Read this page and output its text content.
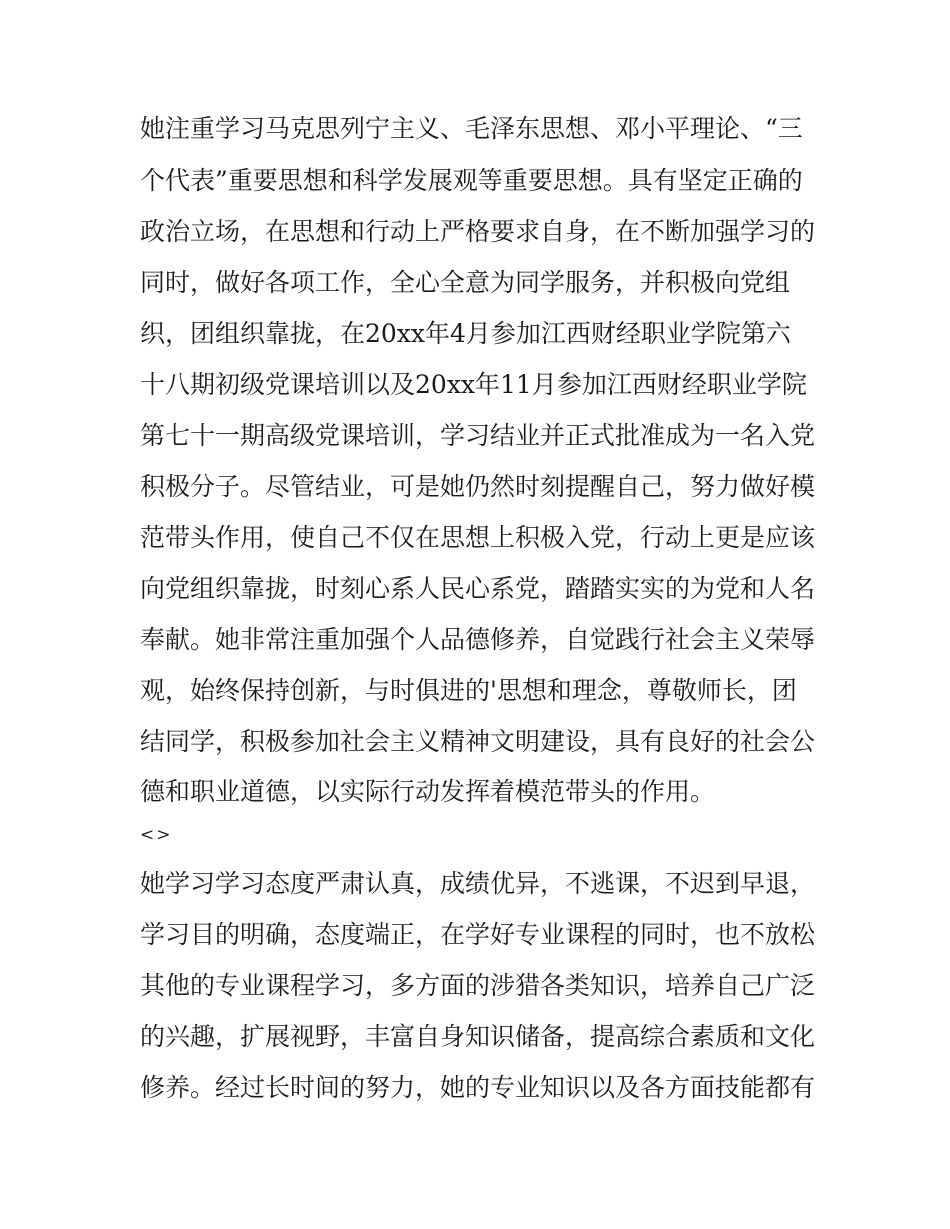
她注重学习马克思列宁主义、毛泽东思想、邓小平理论、“三
个代表”重要思想和科学发展观等重要思想。具有坚定正确的
政治立场，在思想和行动上严格要求自身，在不断加强学习的
同时，做好各项工作，全心全意为同学服务，并积极向党组
织，团组织靠拢，在20xx年4月参加江西财经职业学院第六
十八期初级党课培训以及20xx年11月参加江西财经职业学院
第七十一期高级党课培训，学习结业并正式批准成为一名入党
积极分子。尽管结业，可是她仍然时刻提醒自己，努力做好模
范带头作用，使自己不仅在思想上积极入党，行动上更是应该
向党组织靠拢，时刻心系人民心系党，踏踏实实的为党和人名
奉献。她非常注重加强个人品德修养，自觉践行社会主义荣辱
观，始终保持创新，与时俱进的'思想和理念，尊敬师长，团
结同学，积极参加社会主义精神文明建设，具有良好的社会公
德和职业道德，以实际行动发挥着模范带头的作用。
<>
她学习学习态度严肃认真，成绩优异，不逃课，不迟到早退，
学习目的明确，态度端正，在学好专业课程的同时，也不放松
其他的专业课程学习，多方面的涉猎各类知识，培养自己广泛
的兴趣，扩展视野，丰富自身知识储备，提高综合素质和文化
修养。经过长时间的努力，她的专业知识以及各方面技能都有
